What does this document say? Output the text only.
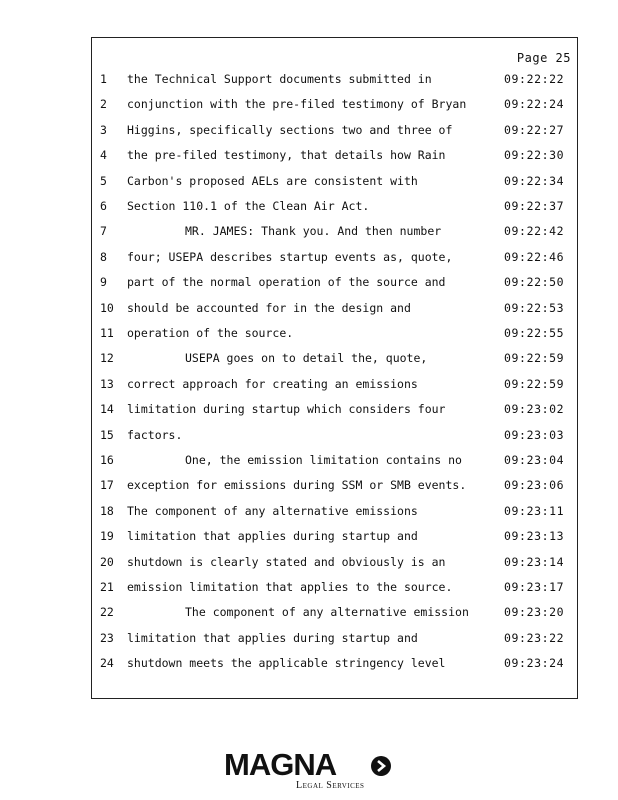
Page 25
1	the Technical Support documents submitted in	09:22:22
2	conjunction with the pre-filed testimony of Bryan	09:22:24
3	Higgins, specifically sections two and three of	09:22:27
4	the pre-filed testimony, that details how Rain	09:22:30
5	Carbon's proposed AELs are consistent with	09:22:34
6	Section 110.1 of the Clean Air Act.	09:22:37
7	MR. JAMES: Thank you. And then number	09:22:42
8	four; USEPA describes startup events as, quote,	09:22:46
9	part of the normal operation of the source and	09:22:50
10	should be accounted for in the design and	09:22:53
11	operation of the source.	09:22:55
12	USEPA goes on to detail the, quote,	09:22:59
13	correct approach for creating an emissions	09:22:59
14	limitation during startup which considers four	09:23:02
15	factors.	09:23:03
16	One, the emission limitation contains no	09:23:04
17	exception for emissions during SSM or SMB events.	09:23:06
18	The component of any alternative emissions	09:23:11
19	limitation that applies during startup and	09:23:13
20	shutdown is clearly stated and obviously is an	09:23:14
21	emission limitation that applies to the source.	09:23:17
22	The component of any alternative emission	09:23:20
23	limitation that applies during startup and	09:23:22
24	shutdown meets the applicable stringency level	09:23:24
MAGNA
Legal Services
